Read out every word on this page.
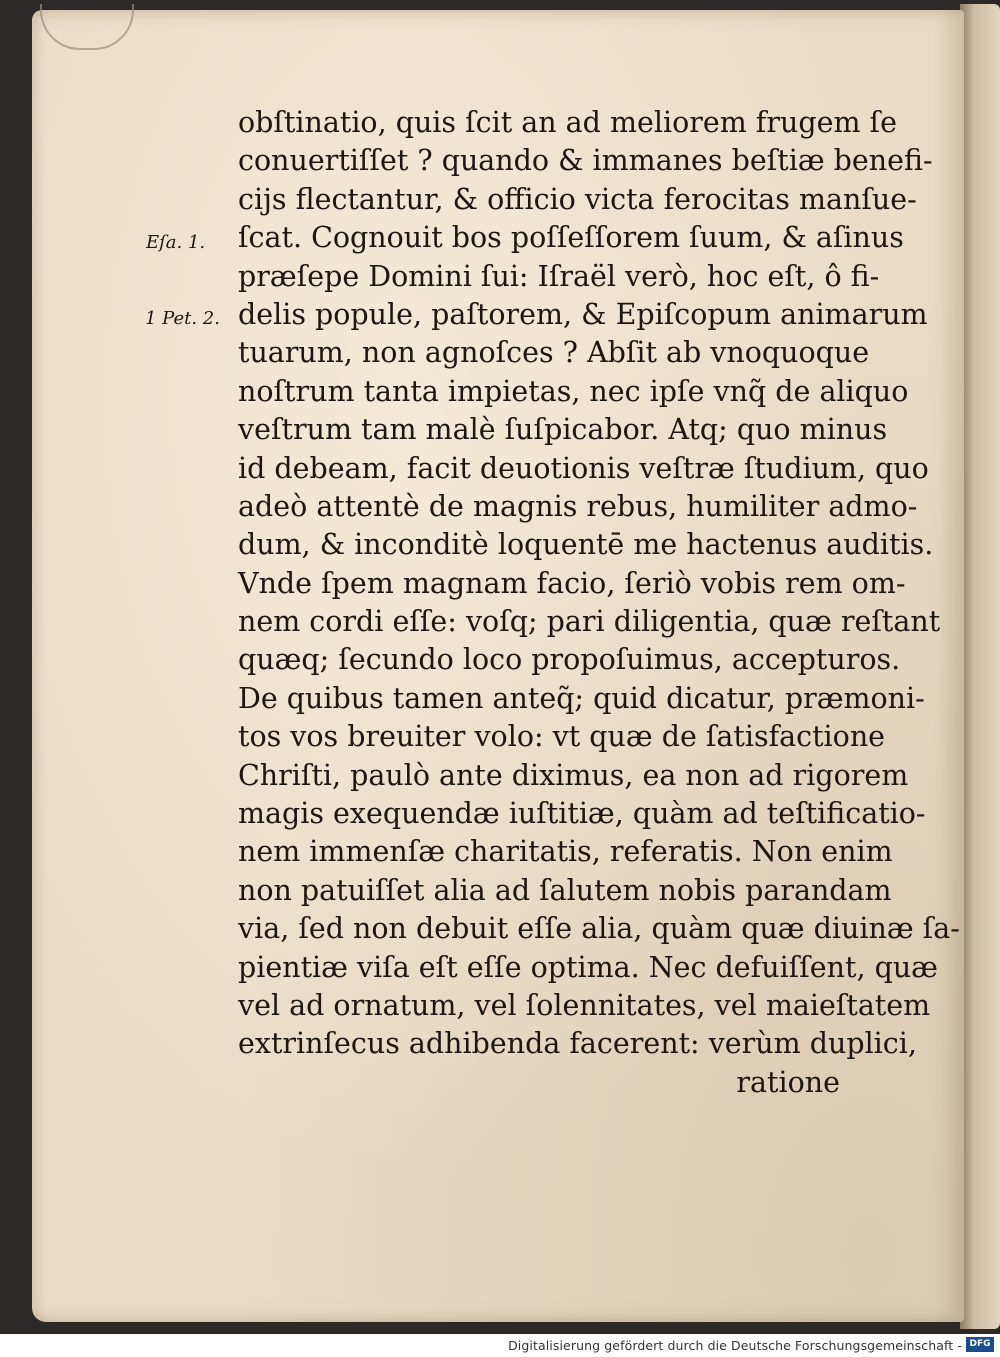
Eſa. 1.
1 Pet. 2.
obſtinatio, quis ſcit an ad meliorem frugem ſe
conuertiſſet ? quando & immanes beſtiæ benefi-
cijs flectantur, & officio victa ferocitas manſue-
ſcat. Cognouit bos poſſeſſorem ſuum, & aſinus
præſepe Domini ſui: Iſraël verò, hoc eſt, ô fi-
delis popule, paſtorem, & Epiſcopum animarum
tuarum, non agnoſces ? Abſit ab vnoquoque
noſtrum tanta impietas, nec ipſe vnq̃ de aliquo
veſtrum tam malè ſuſpicabor. Atq; quo minus
id debeam, facit deuotionis veſtræ ſtudium, quo
adeò attentè de magnis rebus, humiliter admo-
dum, & inconditè loquentē me hactenus auditis.
Vnde ſpem magnam facio, ſeriò vobis rem om-
nem cordi eſſe: voſq; pari diligentia, quæ reſtant
quæq; ſecundo loco propoſuimus, accepturos.
De quibus tamen anteq̃; quid dicatur, præmoni-
tos vos breuiter volo: vt quæ de ſatisfactione
Chriſti, paulò ante diximus, ea non ad rigorem
magis exequendæ iuſtitiæ, quàm ad teſtificatio-
nem immenſæ charitatis, referatis. Non enim
non patuiſſet alia ad ſalutem nobis parandam
via, ſed non debuit eſſe alia, quàm quæ diuinæ ſa-
pientiæ viſa eſt eſſe optima. Nec defuiſſent, quæ
vel ad ornatum, vel ſolennitates, vel maieſtatem
extrinſecus adhibenda facerent: verùm duplici,
ratione
Digitalisierung gefördert durch die Deutsche Forschungsgemeinschaft - DFG
